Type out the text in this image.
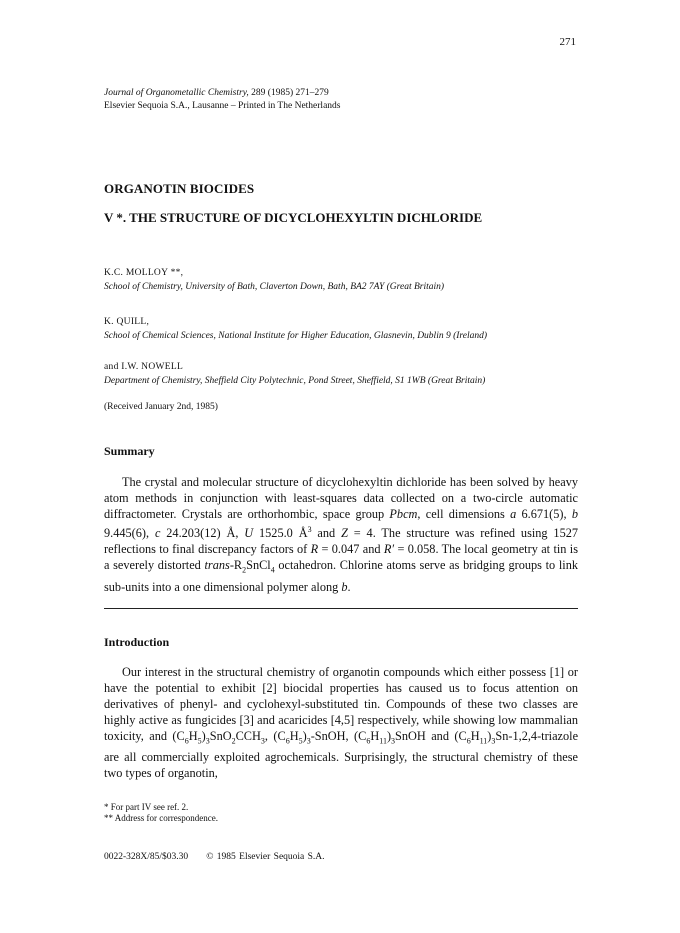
271
Journal of Organometallic Chemistry, 289 (1985) 271–279
Elsevier Sequoia S.A., Lausanne – Printed in The Netherlands
ORGANOTIN BIOCIDES
V *. THE STRUCTURE OF DICYCLOHEXYLTIN DICHLORIDE
K.C. MOLLOY **,
School of Chemistry, University of Bath, Claverton Down, Bath, BA2 7AY (Great Britain)
K. QUILL,
School of Chemical Sciences, National Institute for Higher Education, Glasnevin, Dublin 9 (Ireland)
and I.W. NOWELL
Department of Chemistry, Sheffield City Polytechnic, Pond Street, Sheffield, S1 1WB (Great Britain)
(Received January 2nd, 1985)
Summary

The crystal and molecular structure of dicyclohexyltin dichloride has been solved by heavy atom methods in conjunction with least-squares data collected on a two-circle automatic diffractometer. Crystals are orthorhombic, space group Pbcm, cell dimensions a 6.671(5), b 9.445(6), c 24.203(12) Å, U 1525.0 $Å^3$ and Z = 4. The structure was refined using 1527 reflections to final discrepancy factors of R = 0.047 and R′ = 0.058. The local geometry at tin is a severely distorted trans-$R_2SnCl_4$ octahedron. Chlorine atoms serve as bridging groups to link sub-units into a one dimensional polymer along b.

Introduction

Our interest in the structural chemistry of organotin compounds which either possess [1] or have the potential to exhibit [2] biocidal properties has caused us to focus attention on derivatives of phenyl- and cyclohexyl-substituted tin. Compounds of these two classes are highly active as fungicides [3] and acaricides [4,5] respectively, while showing low mammalian toxicity, and $(C_6H_5)_3SnO_2CCH_3$, $(C_6H_5)_3$-SnOH, $(C_6H_{11})_3SnOH$ and $(C_6H_{11})_3Sn-1,2,4$-triazole are all commercially exploited agrochemicals. Surprisingly, the structural chemistry of these two types of organotin,

* For part IV see ref. 2.
** Address for correspondence.
0022-328X/85/$03.30 © 1985 Elsevier Sequoia S.A.
